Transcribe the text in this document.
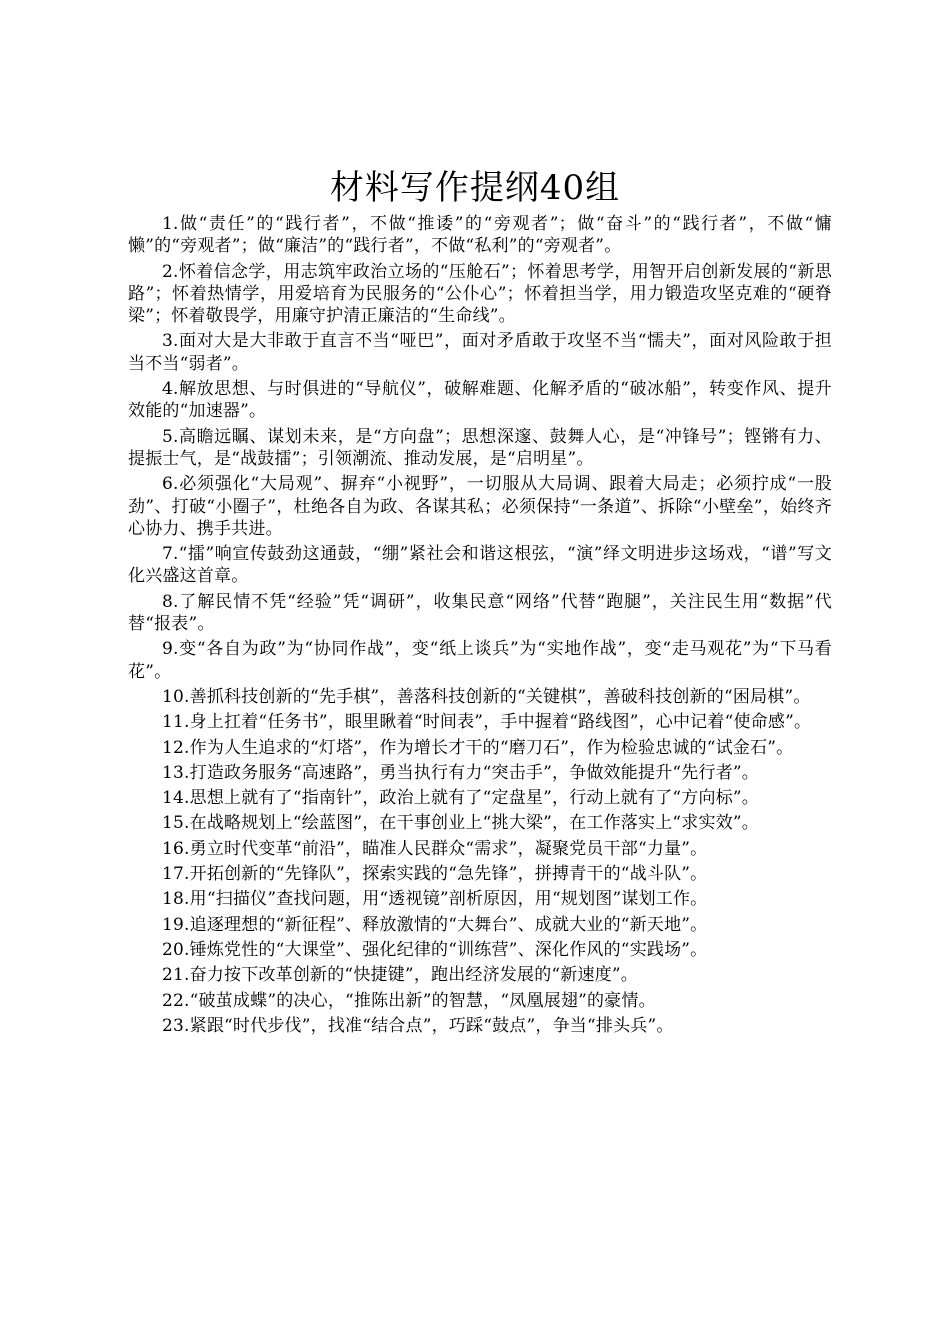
材料写作提纲40组

1.做“责任”的“践行者”，不做“推诿”的“旁观者”；做“奋斗”的“践行者”，不做“慵懒”的“旁观者”；做“廉洁”的“践行者”，不做“私利”的“旁观者”。

2.怀着信念学，用志筑牢政治立场的“压舱石”；怀着思考学，用智开启创新发展的“新思路”；怀着热情学，用爱培育为民服务的“公仆心”；怀着担当学，用力锻造攻坚克难的“硬脊梁”；怀着敬畏学，用廉守护清正廉洁的“生命线”。

3.面对大是大非敢于直言不当“哑巴”，面对矛盾敢于攻坚不当“懦夫”，面对风险敢于担当不当“弱者”。

4.解放思想、与时俱进的“导航仪”，破解难题、化解矛盾的“破冰船”，转变作风、提升效能的“加速器”。

5.高瞻远瞩、谋划未来，是“方向盘”；思想深邃、鼓舞人心，是“冲锋号”；铿锵有力、提振士气，是“战鼓擂”；引领潮流、推动发展，是“启明星”。

6.必须强化“大局观”、摒弃“小视野”，一切服从大局调、跟着大局走；必须拧成“一股劲”、打破“小圈子”，杜绝各自为政、各谋其私；必须保持“一条道”、拆除“小壁垒”，始终齐心协力、携手共进。

7.“擂”响宣传鼓劲这通鼓，“绷”紧社会和谐这根弦，“演”绎文明进步这场戏，“谱”写文化兴盛这首章。

8.了解民情不凭“经验”凭“调研”，收集民意“网络”代替“跑腿”，关注民生用“数据”代替“报表”。

9.变“各自为政”为“协同作战”，变“纸上谈兵”为“实地作战”，变“走马观花”为“下马看花”。

10.善抓科技创新的“先手棋”，善落科技创新的“关键棋”，善破科技创新的“困局棋”。

11.身上扛着“任务书”，眼里瞅着“时间表”，手中握着“路线图”，心中记着“使命感”。

12.作为人生追求的“灯塔”，作为增长才干的“磨刀石”，作为检验忠诚的“试金石”。

13.打造政务服务“高速路”，勇当执行有力“突击手”，争做效能提升“先行者”。

14.思想上就有了“指南针”，政治上就有了“定盘星”，行动上就有了“方向标”。

15.在战略规划上“绘蓝图”，在干事创业上“挑大梁”，在工作落实上“求实效”。

16.勇立时代变革“前沿”，瞄准人民群众“需求”，凝聚党员干部“力量”。

17.开拓创新的“先锋队”，探索实践的“急先锋”，拼搏青干的“战斗队”。

18.用“扫描仪”查找问题，用“透视镜”剖析原因，用“规划图”谋划工作。

19.追逐理想的“新征程”、释放激情的“大舞台”、成就大业的“新天地”。

20.锤炼党性的“大课堂”、强化纪律的“训练营”、深化作风的“实践场”。

21.奋力按下改革创新的“快捷键”，跑出经济发展的“新速度”。

22.“破茧成蝶”的决心，“推陈出新”的智慧，“凤凰展翅”的豪情。

23.紧跟“时代步伐”，找准“结合点”，巧踩“鼓点”，争当“排头兵”。
